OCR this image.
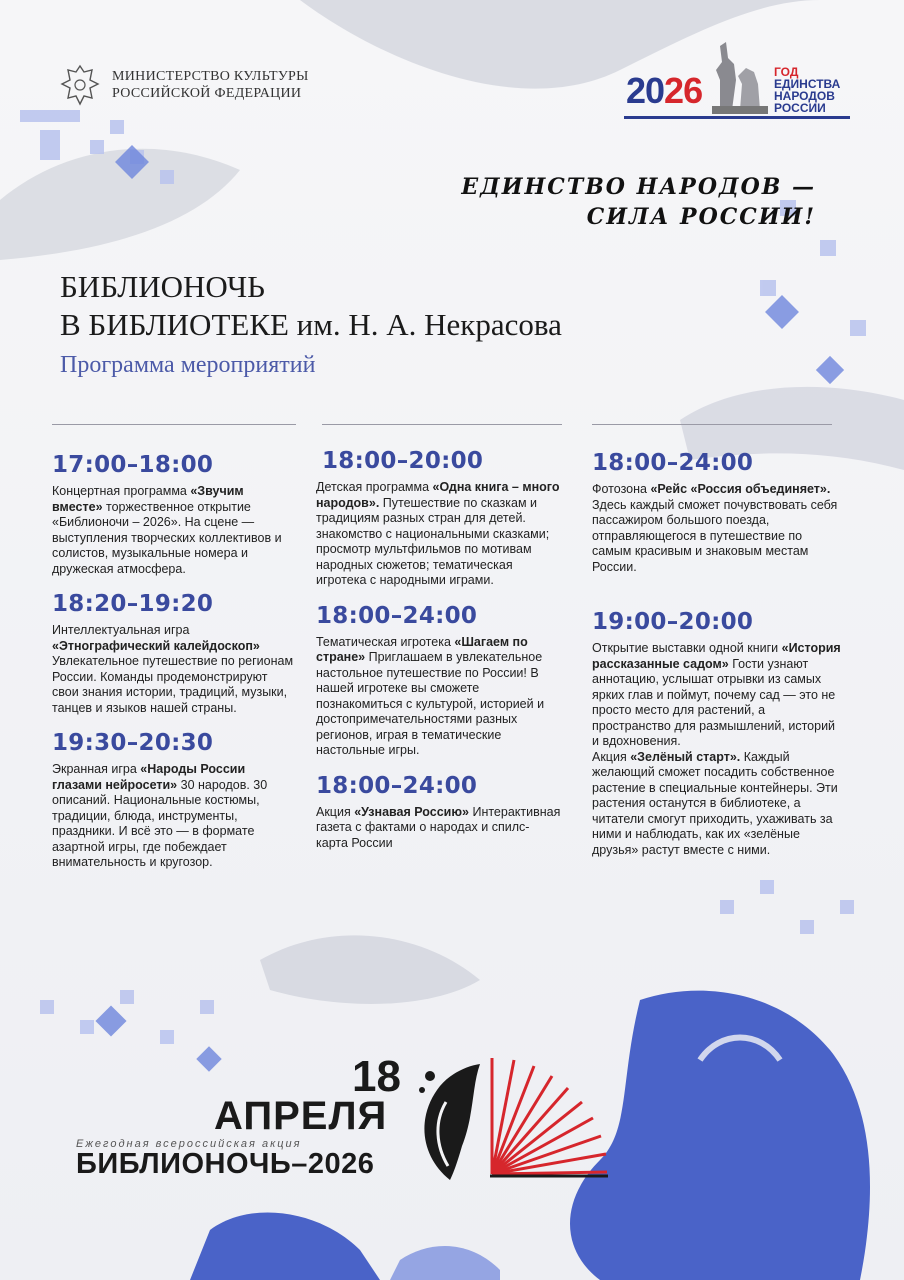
МИНИСТЕРСТВО КУЛЬТУРЫ
РОССИЙСКОЙ ФЕДЕРАЦИИ	2026	ГОД
ЕДИНСТВА
НАРОДОВ
РОССИИ
ЕДИНСТВО НАРОДОВ —
СИЛА РОССИИ!
БИБЛИОНОЧЬ
В БИБЛИОТЕКЕ им. Н. А. Некрасова
Программа мероприятий
17:00–18:00
Концертная программа «Звучим вместе» торжественное открытие «Библионочи – 2026». На сцене — выступления творческих коллективов и солистов, музыкальные номера и дружеская атмосфера.
18:20–19:20
Интеллектуальная игра «Этнографический калейдоскоп» Увлекательное путешествие по регионам России. Команды продемонстрируют свои знания истории, традиций, музыки, танцев и языков нашей страны.
19:30–20:30
Экранная игра «Народы России глазами нейросети» 30 народов. 30 описаний. Национальные костюмы, традиции, блюда, инструменты, праздники. И всё это — в формате азартной игры, где побеждает внимательность и кругозор.
18:00–20:00
Детская программа «Одна книга – много народов». Путешествие по сказкам и традициям разных стран для детей. знакомство с национальными сказками; просмотр мультфильмов по мотивам народных сюжетов; тематическая игротека с народными играми.
18:00–24:00
Тематическая игротека «Шагаем по стране» Приглашаем в увлекательное настольное путешествие по России! В нашей игротеке вы сможете познакомиться с культурой, историей и достопримечательностями разных регионов, играя в тематические настольные игры.
18:00–24:00
Акция «Узнавая Россию» Интерактивная газета с фактами о народах и спилс-карта России
18:00–24:00
Фотозона «Рейс «Россия объединяет». Здесь каждый сможет почувствовать себя пассажиром большого поезда, отправляющегося в путешествие по самым красивым и знаковым местам России.
19:00–20:00
Открытие выставки одной книги «История рассказанные садом» Гости узнают аннотацию, услышат отрывки из самых ярких глав и поймут, почему сад — это не просто место для растений, а пространство для размышлений, историй и вдохновения.
Акция «Зелёный старт». Каждый желающий сможет посадить собственное растение в специальные контейнеры. Эти растения останутся в библиотеке, а читатели смогут приходить, ухаживать за ними и наблюдать, как их «зелёные друзья» растут вместе с ними.
18
АПРЕЛЯ
Ежегодная всероссийская акция
БИБЛИОНОЧЬ–2026
